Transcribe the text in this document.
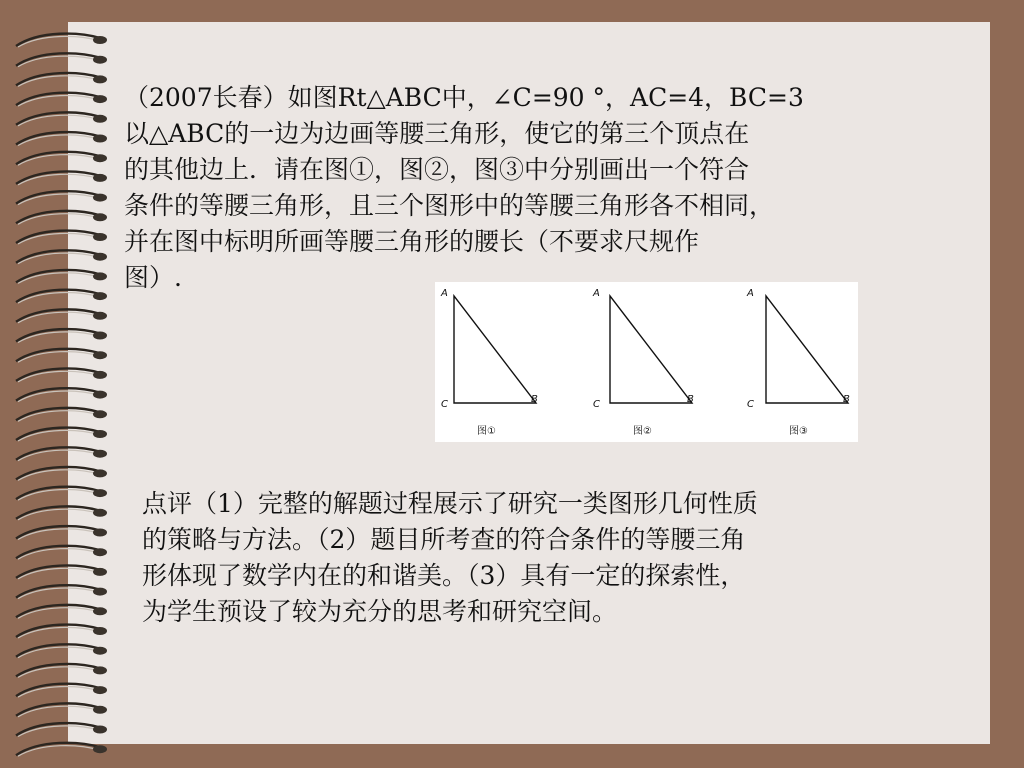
（2007长春）如图Rt△ABC中，∠C=90 °，AC=4，BC=3

以△ABC的一边为边画等腰三角形，使它的第三个顶点在

的其他边上．请在图①，图②，图③中分别画出一个符合

条件的等腰三角形，且三个图形中的等腰三角形各不相同，

并在图中标明所画等腰三角形的腰长（不要求尺规作

图）.

A
C	B
图①
A
C	B
图②
A
C	B
图③

点评（1）完整的解题过程展示了研究一类图形几何性质

的策略与方法。（2）题目所考查的符合条件的等腰三角

形体现了数学内在的和谐美。（3）具有一定的探索性，

为学生预设了较为充分的思考和研究空间。
